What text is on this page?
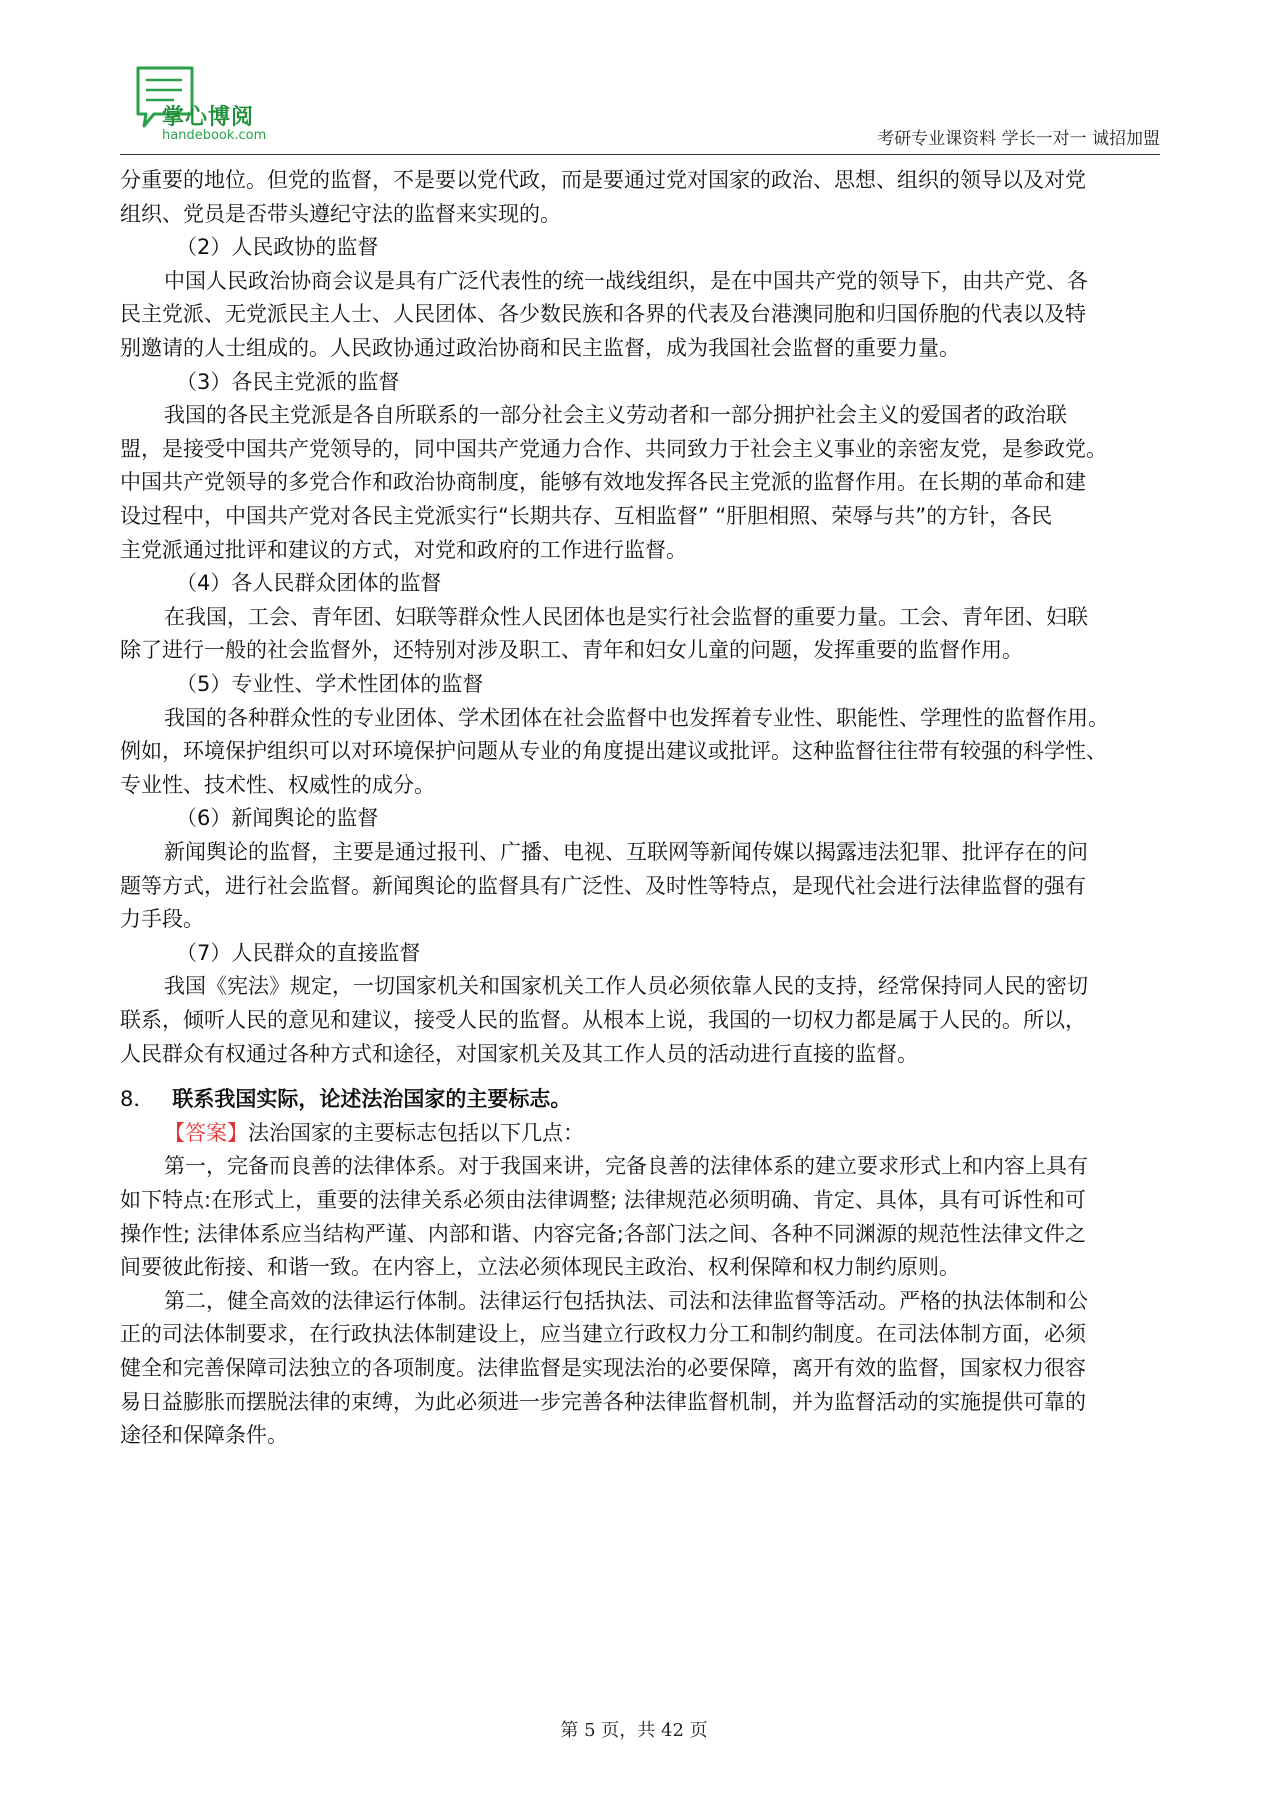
掌心博阅
handebook.com	考研专业课资料 学长一对一 诚招加盟
分重要的地位。但党的监督，不是要以党代政，而是要通过党对国家的政治、思想、组织的领导以及对党
组织、党员是否带头遵纪守法的监督来实现的。
（2）人民政协的监督
中国人民政治协商会议是具有广泛代表性的统一战线组织，是在中国共产党的领导下，由共产党、各
民主党派、无党派民主人士、人民团体、各少数民族和各界的代表及台港澳同胞和归国侨胞的代表以及特
别邀请的人士组成的。人民政协通过政治协商和民主监督，成为我国社会监督的重要力量。
（3）各民主党派的监督
我国的各民主党派是各自所联系的一部分社会主义劳动者和一部分拥护社会主义的爱国者的政治联
盟，是接受中国共产党领导的，同中国共产党通力合作、共同致力于社会主义事业的亲密友党，是参政党。
中国共产党领导的多党合作和政治协商制度，能够有效地发挥各民主党派的监督作用。在长期的革命和建
设过程中，中国共产党对各民主党派实行“长期共存、互相监督” “肝胆相照、荣辱与共”的方针，各民
主党派通过批评和建议的方式，对党和政府的工作进行监督。
（4）各人民群众团体的监督
在我国，工会、青年团、妇联等群众性人民团体也是实行社会监督的重要力量。工会、青年团、妇联
除了进行一般的社会监督外，还特别对涉及职工、青年和妇女儿童的问题，发挥重要的监督作用。
（5）专业性、学术性团体的监督
我国的各种群众性的专业团体、学术团体在社会监督中也发挥着专业性、职能性、学理性的监督作用。
例如，环境保护组织可以对环境保护问题从专业的角度提出建议或批评。这种监督往往带有较强的科学性、
专业性、技术性、权威性的成分。
（6）新闻舆论的监督
新闻舆论的监督，主要是通过报刊、广播、电视、互联网等新闻传媒以揭露违法犯罪、批评存在的问
题等方式，进行社会监督。新闻舆论的监督具有广泛性、及时性等特点，是现代社会进行法律监督的强有
力手段。
（7）人民群众的直接监督
我国《宪法》规定，一切国家机关和国家机关工作人员必须依靠人民的支持，经常保持同人民的密切
联系，倾听人民的意见和建议，接受人民的监督。从根本上说，我国的一切权力都是属于人民的。所以，
人民群众有权通过各种方式和途径，对国家机关及其工作人员的活动进行直接的监督。
8． 联系我国实际，论述法治国家的主要标志。
【答案】法治国家的主要标志包括以下几点：
第一，完备而良善的法律体系。对于我国来讲，完备良善的法律体系的建立要求形式上和内容上具有
如下特点:在形式上，重要的法律关系必须由法律调整; 法律规范必须明确、肯定、具体，具有可诉性和可
操作性; 法律体系应当结构严谨、内部和谐、内容完备;各部门法之间、各种不同渊源的规范性法律文件之
间要彼此衔接、和谐一致。在内容上，立法必须体现民主政治、权利保障和权力制约原则。
第二，健全高效的法律运行体制。法律运行包括执法、司法和法律监督等活动。严格的执法体制和公
正的司法体制要求，在行政执法体制建设上，应当建立行政权力分工和制约制度。在司法体制方面，必须
健全和完善保障司法独立的各项制度。法律监督是实现法治的必要保障，离开有效的监督，国家权力很容
易日益膨胀而摆脱法律的束缚，为此必须进一步完善各种法律监督机制，并为监督活动的实施提供可靠的
途径和保障条件。
第 5 页，共 42 页
